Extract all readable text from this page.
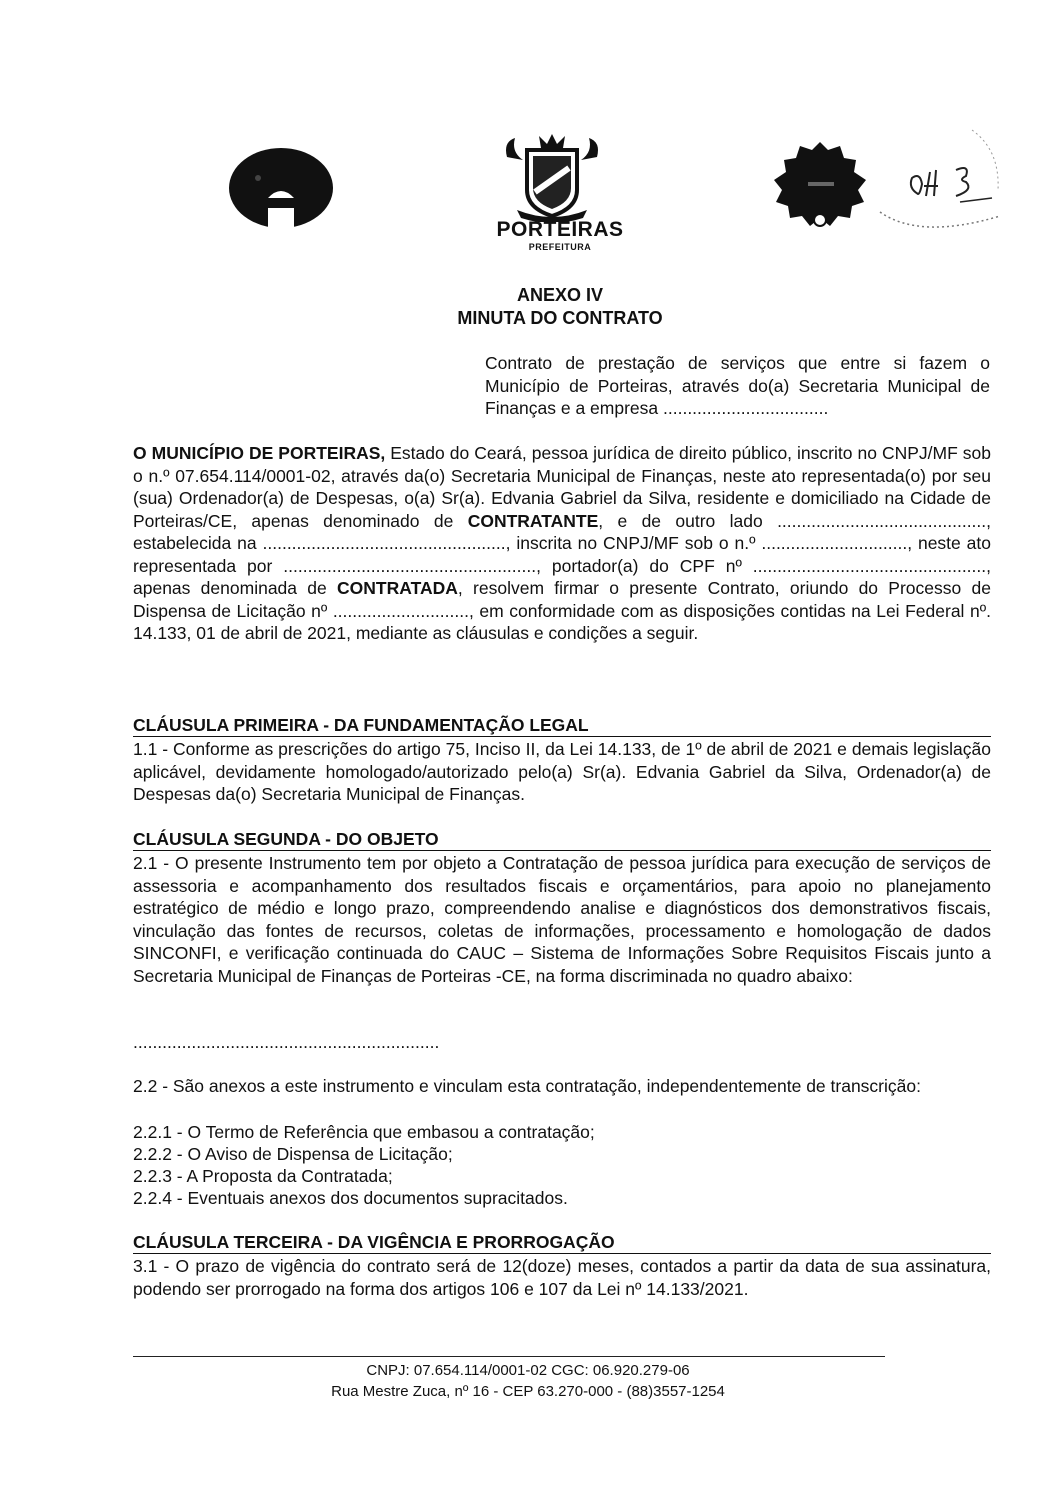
PORTEIRAS
PREFEITURA
ANEXO IV
MINUTA DO CONTRATO
Contrato de prestação de serviços que entre si fazem o Município de Porteiras, através do(a) Secretaria Municipal de Finanças e a empresa ..................................
O MUNICÍPIO DE PORTEIRAS, Estado do Ceará, pessoa jurídica de direito público, inscrito no CNPJ/MF sob o n.º 07.654.114/0001-02, através da(o) Secretaria Municipal de Finanças, neste ato representada(o) por seu (sua) Ordenador(a) de Despesas, o(a) Sr(a). Edvania Gabriel da Silva, residente e domiciliado na Cidade de Porteiras/CE, apenas denominado de CONTRATANTE, e de outro lado ..........................................., estabelecida na .................................................., inscrita no CNPJ/MF sob o n.º .............................., neste ato representada por ...................................................., portador(a) do CPF nº ................................................, apenas denominada de CONTRATADA, resolvem firmar o presente Contrato, oriundo do Processo de Dispensa de Licitação nº ............................, em conformidade com as disposições contidas na Lei Federal nº. 14.133, 01 de abril de 2021, mediante as cláusulas e condições a seguir.
CLÁUSULA PRIMEIRA - DA FUNDAMENTAÇÃO LEGAL
1.1 - Conforme as prescrições do artigo 75, Inciso II, da Lei 14.133, de 1º de abril de 2021 e demais legislação aplicável, devidamente homologado/autorizado pelo(a) Sr(a). Edvania Gabriel da Silva, Ordenador(a) de Despesas da(o) Secretaria Municipal de Finanças.
CLÁUSULA SEGUNDA - DO OBJETO
2.1 - O presente Instrumento tem por objeto a Contratação de pessoa jurídica para execução de serviços de assessoria e acompanhamento dos resultados fiscais e orçamentários, para apoio no planejamento estratégico de médio e longo prazo, compreendendo analise e diagnósticos dos demonstrativos fiscais, vinculação das fontes de recursos, coletas de informações, processamento e homologação de dados SINCONFI, e verificação continuada do CAUC – Sistema de Informações Sobre Requisitos Fiscais junto a Secretaria Municipal de Finanças de Porteiras -CE, na forma discriminada no quadro abaixo:
...............................................................
2.2 - São anexos a este instrumento e vinculam esta contratação, independentemente de transcrição:
2.2.1 - O Termo de Referência que embasou a contratação;
2.2.2 - O Aviso de Dispensa de Licitação;
2.2.3 - A Proposta da Contratada;
2.2.4 - Eventuais anexos dos documentos supracitados.
CLÁUSULA TERCEIRA - DA VIGÊNCIA E PRORROGAÇÃO
3.1 - O prazo de vigência do contrato será de 12(doze) meses, contados a partir da data de sua assinatura, podendo ser prorrogado na forma dos artigos 106 e 107 da Lei nº 14.133/2021.
CNPJ: 07.654.114/0001-02 CGC: 06.920.279-06
Rua Mestre Zuca, nº 16 - CEP 63.270-000 - (88)3557-1254
